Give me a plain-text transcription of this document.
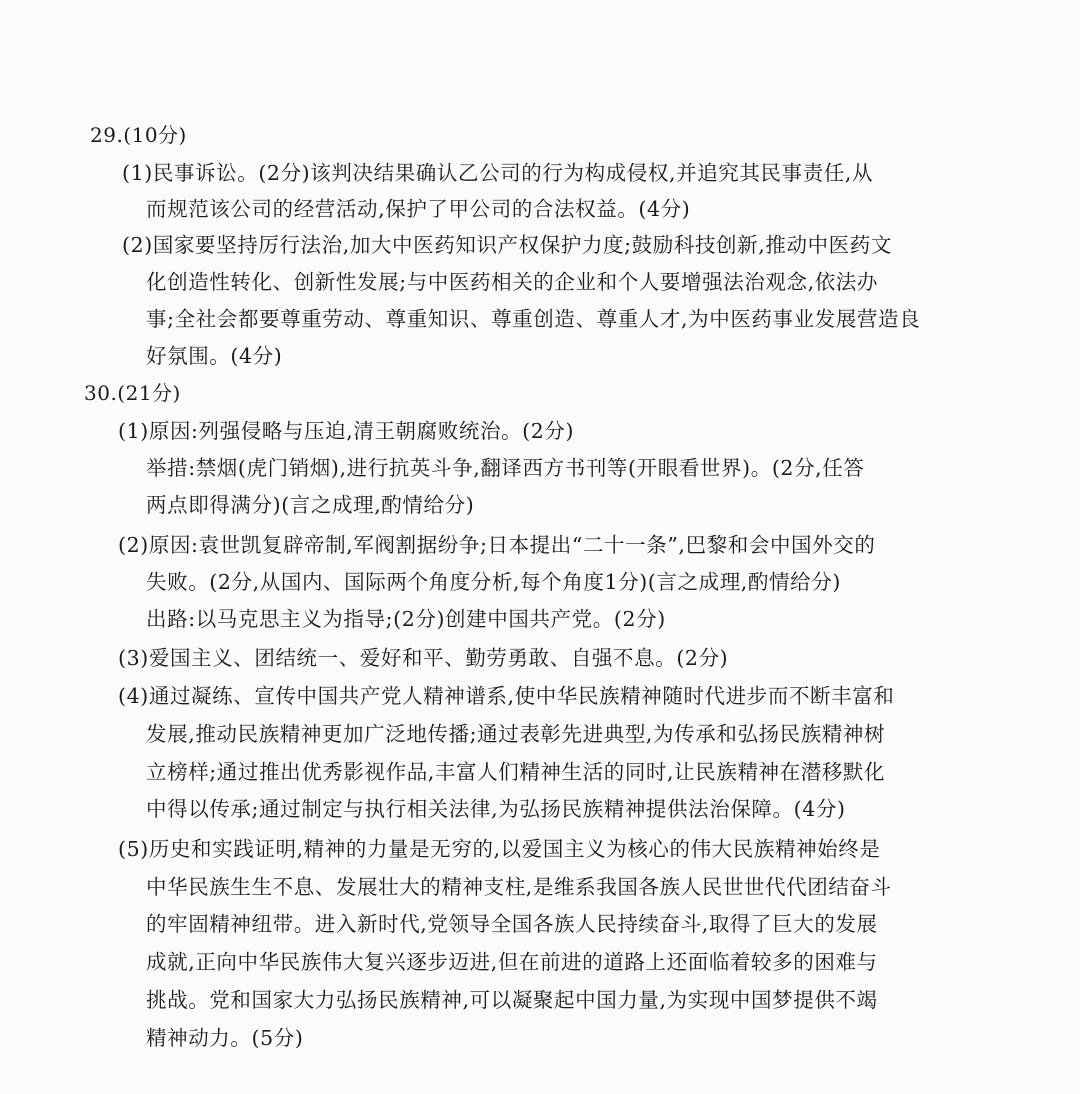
29.(10分)
(1)民事诉讼。(2分)该判决结果确认乙公司的行为构成侵权,并追究其民事责任,从
而规范该公司的经营活动,保护了甲公司的合法权益。(4分)
(2)国家要坚持厉行法治,加大中医药知识产权保护力度;鼓励科技创新,推动中医药文
化创造性转化、创新性发展;与中医药相关的企业和个人要增强法治观念,依法办
事;全社会都要尊重劳动、尊重知识、尊重创造、尊重人才,为中医药事业发展营造良
好氛围。(4分)
30.(21分)
(1)原因:列强侵略与压迫,清王朝腐败统治。(2分)
举措:禁烟(虎门销烟),进行抗英斗争,翻译西方书刊等(开眼看世界)。(2分,任答
两点即得满分)(言之成理,酌情给分)
(2)原因:袁世凯复辟帝制,军阀割据纷争;日本提出“二十一条”,巴黎和会中国外交的
失败。(2分,从国内、国际两个角度分析,每个角度1分)(言之成理,酌情给分)
出路:以马克思主义为指导;(2分)创建中国共产党。(2分)
(3)爱国主义、团结统一、爱好和平、勤劳勇敢、自强不息。(2分)
(4)通过凝练、宣传中国共产党人精神谱系,使中华民族精神随时代进步而不断丰富和
发展,推动民族精神更加广泛地传播;通过表彰先进典型,为传承和弘扬民族精神树
立榜样;通过推出优秀影视作品,丰富人们精神生活的同时,让民族精神在潜移默化
中得以传承;通过制定与执行相关法律,为弘扬民族精神提供法治保障。(4分)
(5)历史和实践证明,精神的力量是无穷的,以爱国主义为核心的伟大民族精神始终是
中华民族生生不息、发展壮大的精神支柱,是维系我国各族人民世世代代团结奋斗
的牢固精神纽带。进入新时代,党领导全国各族人民持续奋斗,取得了巨大的发展
成就,正向中华民族伟大复兴逐步迈进,但在前进的道路上还面临着较多的困难与
挑战。党和国家大力弘扬民族精神,可以凝聚起中国力量,为实现中国梦提供不竭
精神动力。(5分)
